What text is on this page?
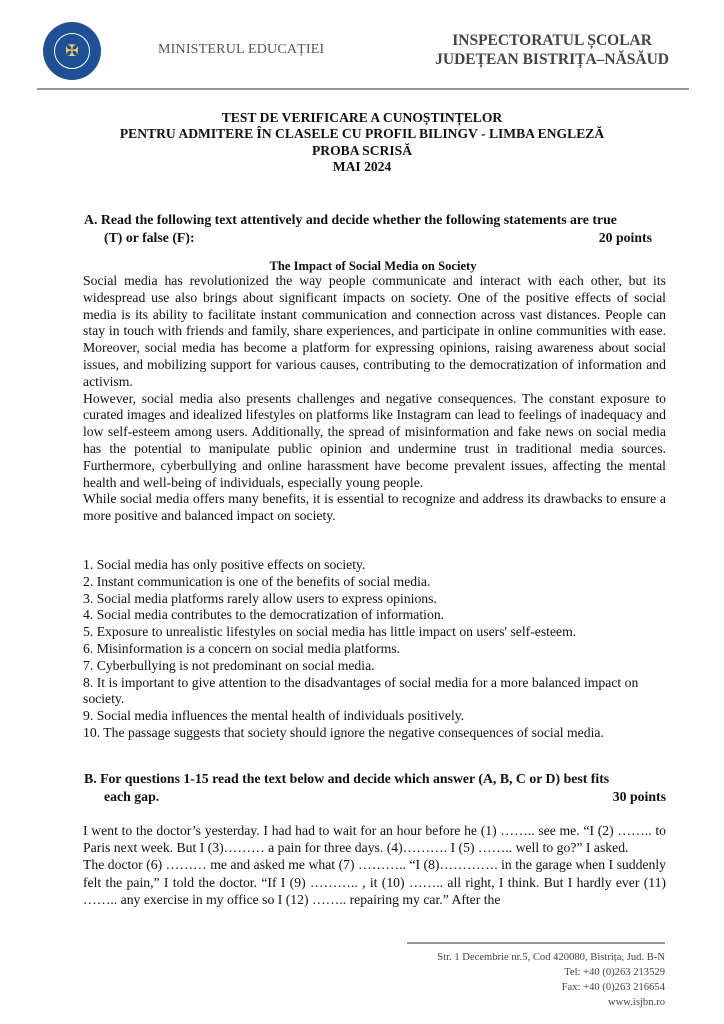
✠	MINISTERUL EDUCAȚIEI
INSPECTORATUL ȘCOLAR
JUDEȚEAN BISTRIȚA–NĂSĂUD
TEST DE VERIFICARE A CUNOȘTINȚELOR
PENTRU ADMITERE ÎN CLASELE CU PROFIL BILINGV - LIMBA ENGLEZĂ
PROBA SCRISĂ
MAI 2024
A. Read the following text attentively and decide whether the following statements are true
(T) or false (F):	20 points
The Impact of Social Media on Society

Social media has revolutionized the way people communicate and interact with each other, but its widespread use also brings about significant impacts on society. One of the positive effects of social media is its ability to facilitate instant communication and connection across vast distances. People can stay in touch with friends and family, share experiences, and participate in online communities with ease. Moreover, social media has become a platform for expressing opinions, raising awareness about social issues, and mobilizing support for various causes, contributing to the democratization of information and activism.

However, social media also presents challenges and negative consequences. The constant exposure to curated images and idealized lifestyles on platforms like Instagram can lead to feelings of inadequacy and low self-esteem among users. Additionally, the spread of misinformation and fake news on social media has the potential to manipulate public opinion and undermine trust in traditional media sources. Furthermore, cyberbullying and online harassment have become prevalent issues, affecting the mental health and well-being of individuals, especially young people.

While social media offers many benefits, it is essential to recognize and address its drawbacks to ensure a more positive and balanced impact on society.

1. Social media has only positive effects on society.
2. Instant communication is one of the benefits of social media.
3. Social media platforms rarely allow users to express opinions.
4. Social media contributes to the democratization of information.
5. Exposure to unrealistic lifestyles on social media has little impact on users' self-esteem.
6. Misinformation is a concern on social media platforms.
7. Cyberbullying is not predominant on social media.
8. It is important to give attention to the disadvantages of social media for a more balanced impact on society.
9. Social media influences the mental health of individuals positively.
10. The passage suggests that society should ignore the negative consequences of social media.
B. For questions 1-15 read the text below and decide which answer (A, B, C or D) best fits
each gap.	30 points

I went to the doctor’s yesterday. I had had to wait for an hour before he (1) …….. see me. “I (2) …….. to Paris next week. But I (3)……… a pain for three days. (4)………. I (5) …….. well to go?” I asked.

The doctor (6) ……… me and asked me what (7) ……….. “I (8)…………. in the garage when I suddenly felt the pain,” I told the doctor. “If I (9) ……….. , it (10) …….. all right, I think. But I hardly ever (11) …….. any exercise in my office so I (12) …….. repairing my car.” After the

Str. 1 Decembrie nr.5, Cod 420080, Bistrița, Jud. B-N
Tel: +40 (0)263 213529
Fax: +40 (0)263 216654
www.isjbn.ro
